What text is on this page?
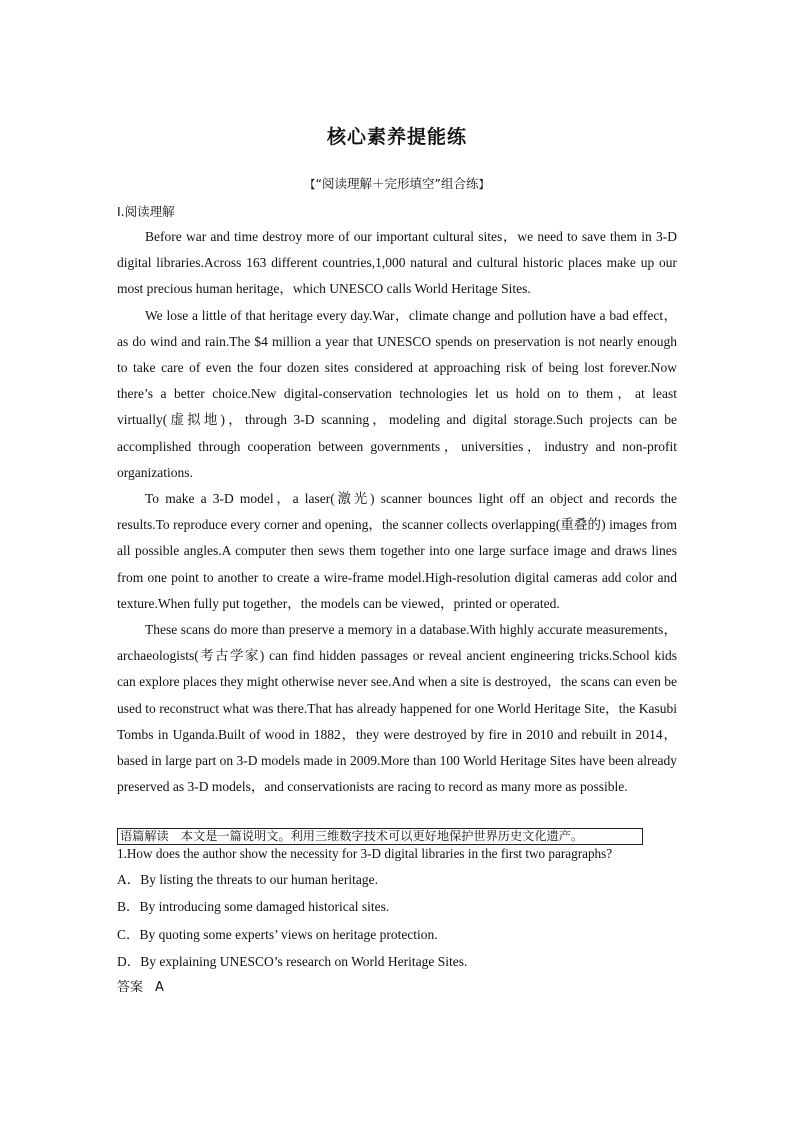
核心素养提能练
【“阅读理解＋完形填空”组合练】
Ⅰ.阅读理解

Before war and time destroy more of our important cultural sites，we need to save them in 3-D digital libraries.Across 163 different countries,1,000 natural and cultural historic places make up our most precious human heritage，which UNESCO calls World Heritage Sites.

We lose a little of that heritage every day.War，climate change and pollution have a bad effect，as do wind and rain.The $4 million a year that UNESCO spends on preservation is not nearly enough to take care of even the four dozen sites considered at approaching risk of being lost forever.Now there’s a better choice.New digital-conservation technologies let us hold on to them，at least virtually(虚拟地)，through 3-D scanning，modeling and digital storage.Such projects can be accomplished through cooperation between governments，universities，industry and non-profit organizations.

To make a 3-D model，a laser(激光) scanner bounces light off an object and records the results.To reproduce every corner and opening，the scanner collects overlapping(重叠的) images from all possible angles.A computer then sews them together into one large surface image and draws lines from one point to another to create a wire-frame model.High-resolution digital cameras add color and texture.When fully put together，the models can be viewed，printed or operated.

These scans do more than preserve a memory in a database.With highly accurate measurements，archaeologists(考古学家) can find hidden passages or reveal ancient engineering tricks.School kids can explore places they might otherwise never see.And when a site is destroyed，the scans can even be used to reconstruct what was there.That has already happened for one World Heritage Site，the Kasubi Tombs in Uganda.Built of wood in 1882，they were destroyed by fire in 2010 and rebuilt in 2014，based in large part on 3-D models made in 2009.More than 100 World Heritage Sites have been already preserved as 3-D models，and conservationists are racing to record as many more as possible.

语篇解读　本文是一篇说明文。利用三维数字技术可以更好地保护世界历史文化遗产。
1.How does the author show the necessity for 3-D digital libraries in the first two paragraphs?
A．By listing the threats to our human heritage.
B．By introducing some damaged historical sites.
C．By quoting some experts’ views on heritage protection.
D．By explaining UNESCO’s research on World Heritage Sites.
答案 A
